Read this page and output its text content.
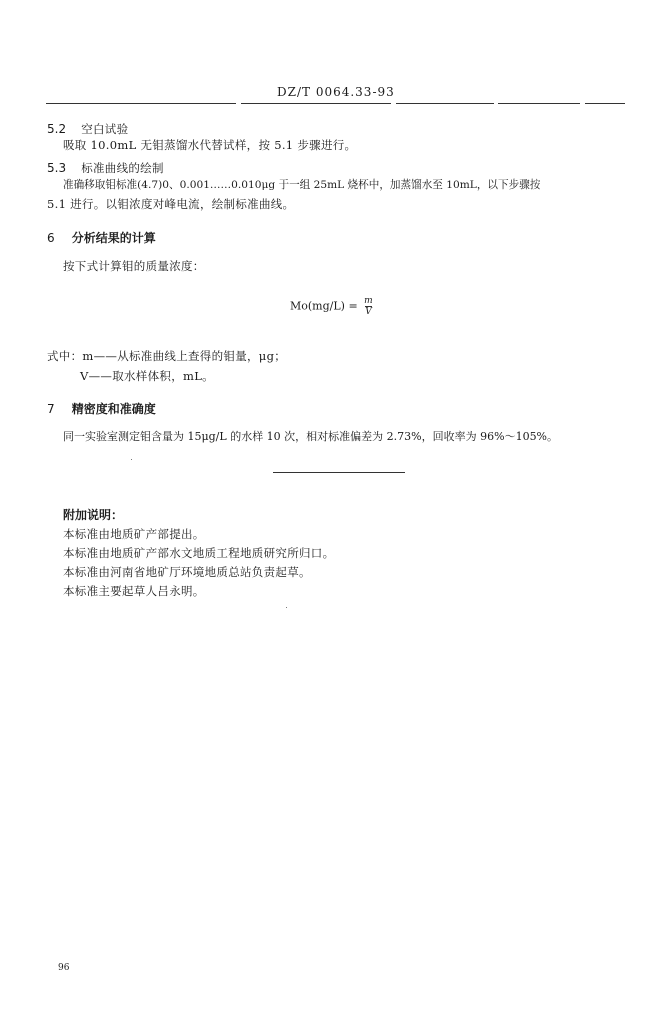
DZ/T 0064.33-93
5.2 空白试验
吸取 10.0mL 无钼蒸馏水代替试样，按 5.1 步骤进行。
5.3 标准曲线的绘制
准确移取钼标准(4.7)0、0.001……0.010μg 于一组 25mL 烧杯中，加蒸馏水至 10mL，以下步骤按
5.1 进行。以钼浓度对峰电流，绘制标准曲线。
6 分析结果的计算
按下式计算钼的质量浓度：
$Mo(mg/L) = \frac{m}{V}$
式中：m——从标准曲线上查得的钼量，μg；
V——取水样体积，mL。
7 精密度和准确度
同一实验室测定钼含量为 15μg/L 的水样 10 次，相对标准偏差为 2.73%，回收率为 96%～105%。
附加说明：
本标准由地质矿产部提出。
本标准由地质矿产部水文地质工程地质研究所归口。
本标准由河南省地矿厅环境地质总站负责起草。
本标准主要起草人吕永明。
96
